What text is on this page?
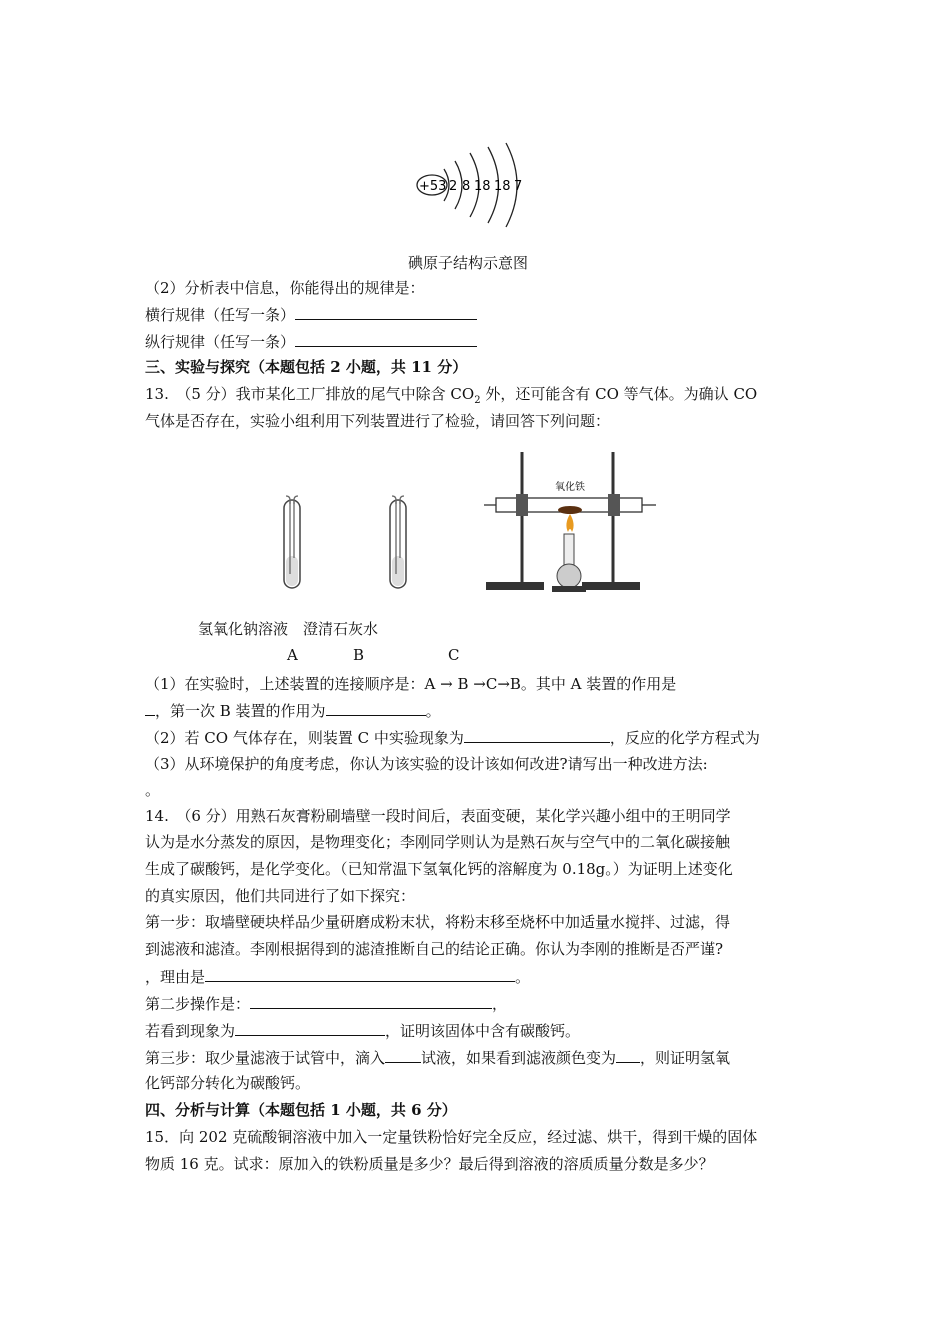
+53 2 8 18 18 7
碘原子结构示意图
（2）分析表中信息，你能得出的规律是：
横行规律（任写一条）
纵行规律（任写一条）
三、实验与探究（本题包括 2 小题，共 11 分）
13.　（5 分）我市某化工厂排放的尾气中除含 $CO_2$ 外，还可能含有 CO 等气体。为确认 CO
气体是否存在，实验小组利用下列装置进行了检验，请回答下列问题：
氧化铁
氢氧化钠溶液　澄清石灰水
A	B	C
（1）在实验时，上述装置的连接顺序是：A → B →C→B。其中 A 装置的作用是
，第一次 B 装置的作用为	。
（2）若 CO 气体存在，则装置 C 中实验现象为	，反应的化学方程式为
（3）从环境保护的角度考虑，你认为该实验的设计该如何改进?请写出一种改进方法:
。
14.　（6 分）用熟石灰膏粉刷墙壁一段时间后，表面变硬，某化学兴趣小组中的王明同学
认为是水分蒸发的原因，是物理变化；李刚同学则认为是熟石灰与空气中的二氧化碳接触
生成了碳酸钙，是化学变化。（已知常温下氢氧化钙的溶解度为 0.18g。）为证明上述变化
的真实原因，他们共同进行了如下探究：
第一步：取墙壁硬块样品少量研磨成粉末状，将粉末移至烧杯中加适量水搅拌、过滤，得
到滤液和滤渣。李刚根据得到的滤渣推断自己的结论正确。你认为李刚的推断是否严谨?
，理由是	。
第二步操作是：	，
若看到现象为	，证明该固体中含有碳酸钙。
第三步：取少量滤液于试管中，滴入 试液，如果看到滤液颜色变为 ，则证明氢氧
化钙部分转化为碳酸钙。
四、分析与计算（本题包括 1 小题，共 6 分）
15．向 202 克硫酸铜溶液中加入一定量铁粉恰好完全反应，经过滤、烘干，得到干燥的固体
物质 16 克。试求：原加入的铁粉质量是多少？最后得到溶液的溶质质量分数是多少？
